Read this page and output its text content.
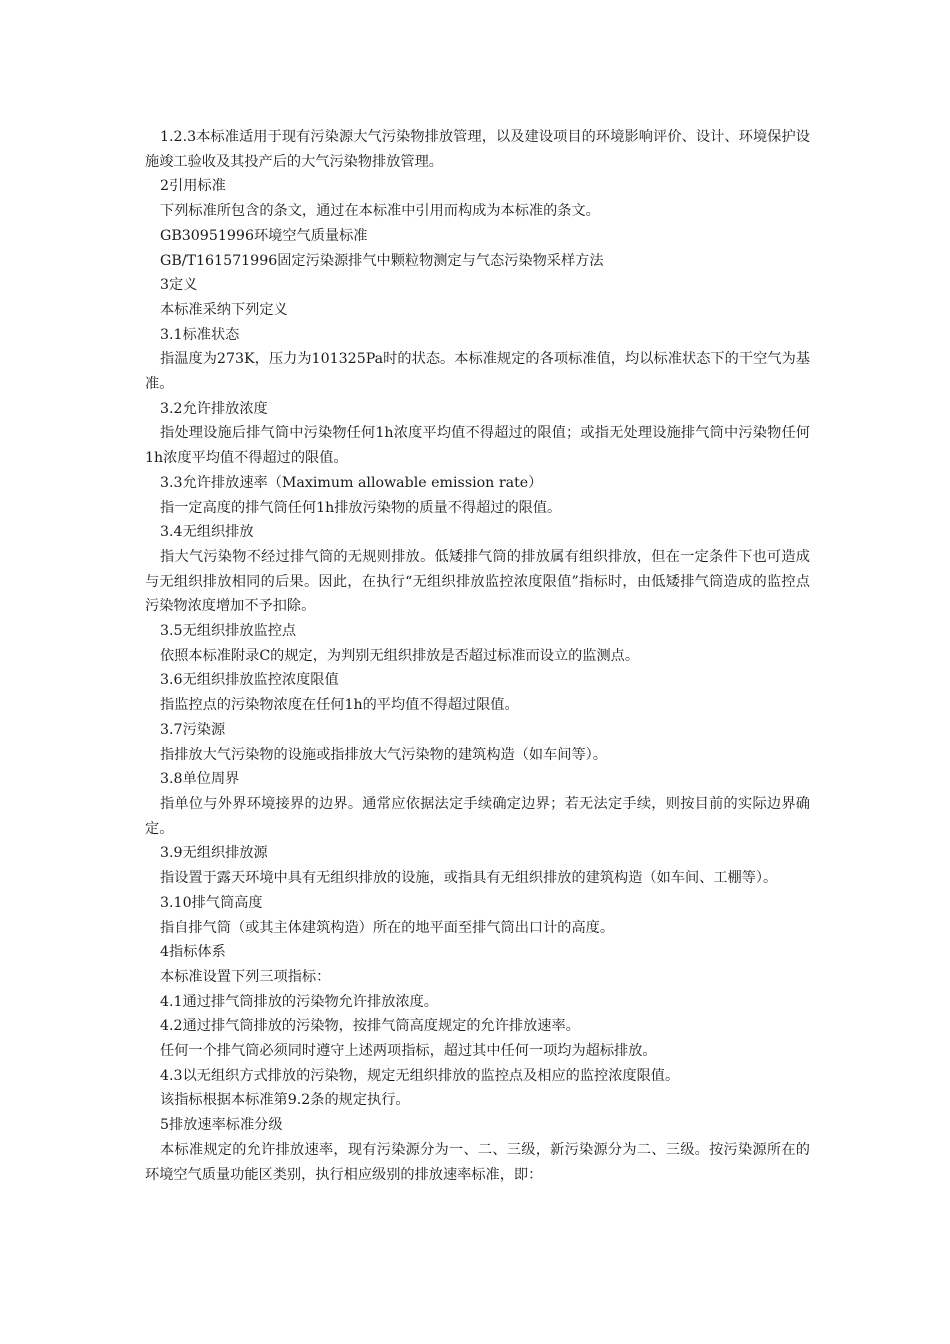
1.2.3本标准适用于现有污染源大气污染物排放管理，以及建设项目的环境影响评价、设计、环境保护设施竣工验收及其投产后的大气污染物排放管理。

2引用标准

下列标准所包含的条文，通过在本标准中引用而构成为本标准的条文。

GB30951996环境空气质量标准

GB/T161571996固定污染源排气中颗粒物测定与气态污染物采样方法

3定义

本标准采纳下列定义

3.1标准状态

指温度为273K，压力为101325Pa时的状态。本标准规定的各项标准值，均以标准状态下的干空气为基准。

3.2允许排放浓度

指处理设施后排气筒中污染物任何1h浓度平均值不得超过的限值；或指无处理设施排气筒中污染物任何1h浓度平均值不得超过的限值。

3.3允许排放速率（Maximum allowable emission rate）

指一定高度的排气筒任何1h排放污染物的质量不得超过的限值。

3.4无组织排放

指大气污染物不经过排气筒的无规则排放。低矮排气筒的排放属有组织排放，但在一定条件下也可造成与无组织排放相同的后果。因此，在执行“无组织排放监控浓度限值”指标时，由低矮排气筒造成的监控点污染物浓度增加不予扣除。

3.5无组织排放监控点

依照本标准附录C的规定，为判别无组织排放是否超过标准而设立的监测点。

3.6无组织排放监控浓度限值

指监控点的污染物浓度在任何1h的平均值不得超过限值。

3.7污染源

指排放大气污染物的设施或指排放大气污染物的建筑构造（如车间等）。

3.8单位周界

指单位与外界环境接界的边界。通常应依据法定手续确定边界；若无法定手续，则按目前的实际边界确定。

3.9无组织排放源

指设置于露天环境中具有无组织排放的设施，或指具有无组织排放的建筑构造（如车间、工棚等）。

3.10排气筒高度

指自排气筒（或其主体建筑构造）所在的地平面至排气筒出口计的高度。

4指标体系

本标准设置下列三项指标：

4.1通过排气筒排放的污染物允许排放浓度。

4.2通过排气筒排放的污染物，按排气筒高度规定的允许排放速率。

任何一个排气筒必须同时遵守上述两项指标，超过其中任何一项均为超标排放。

4.3以无组织方式排放的污染物，规定无组织排放的监控点及相应的监控浓度限值。

该指标根据本标准第9.2条的规定执行。

5排放速率标准分级

本标准规定的允许排放速率，现有污染源分为一、二、三级，新污染源分为二、三级。按污染源所在的环境空气质量功能区类别，执行相应级别的排放速率标准，即：
